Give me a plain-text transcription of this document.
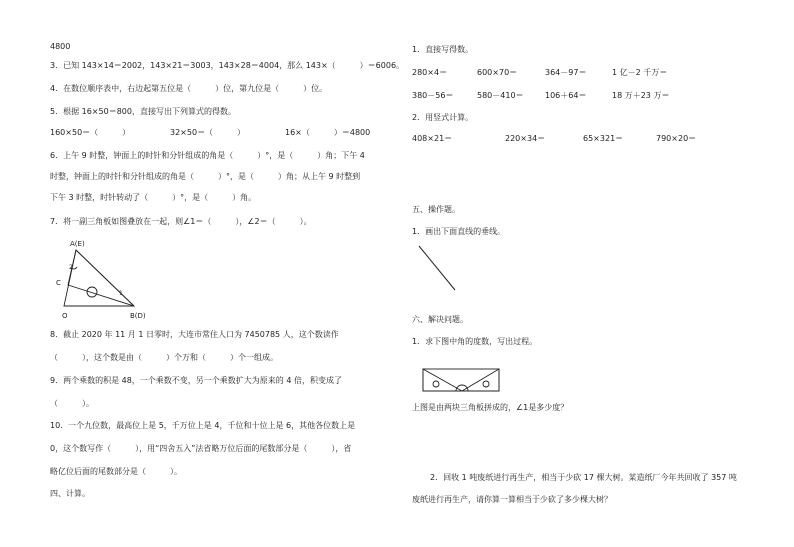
4800
3．已知 143×14＝2002，143×21＝3003，143×28＝4004，那么 143×（　　　）＝6006。
4．在数位顺序表中，右边起第五位是（　　　）位，第九位是（　　　）位。
5．根据 16×50＝800，直接写出下列算式的得数。
160×50＝（　　　）	32×50＝（　　　）	16×（　　　）＝4800
6．上午 9 时整，钟面上的时针和分针组成的角是（　　　）°，是（　　　）角；下午 4
时整，钟面上的时针和分针组成的角是（　　　）°，是（　　　）角；从上午 9 时整到
下午 3 时整，时针转动了（　　　）°，是（　　　）角。
7．将一副三角板如图叠放在一起，则∠1＝（　　　），∠2＝（　　　）。
A(E)
C
O	B(D)
1
2
8．截止 2020 年 11 月 1 日零时，大连市常住人口为 7450785 人，这个数读作
（　　　），这个数是由（　　　）个万和（　　　）个一组成。
9．两个乘数的积是 48，一个乘数不变，另一个乘数扩大为原来的 4 倍，积变成了
（　　　）。
10．一个九位数，最高位上是 5，千万位上是 4，千位和十位上是 6，其他各位数上是
0，这个数写作（　　　），用“四舍五入”法省略万位后面的尾数部分是（　　　），省
略亿位后面的尾数部分是（　　　）。
四、计算。
1．直接写得数。
280×4＝	600×70＝	364－97＝	1 亿－2 千万＝
380－56＝	580－410＝	106＋64＝	18 万＋23 万＝
2．用竖式计算。
408×21＝	220×34＝	65×321＝	790×20＝
五、操作题。
1．画出下面直线的垂线。
六、解决问题。
1．求下图中角的度数，写出过程。
上图是由两块三角板拼成的，∠1是多少度？
2．回收 1 吨废纸进行再生产，相当于少砍 17 棵大树。某造纸厂今年共回收了 357 吨
废纸进行再生产，请你算一算相当于少砍了多少棵大树？
